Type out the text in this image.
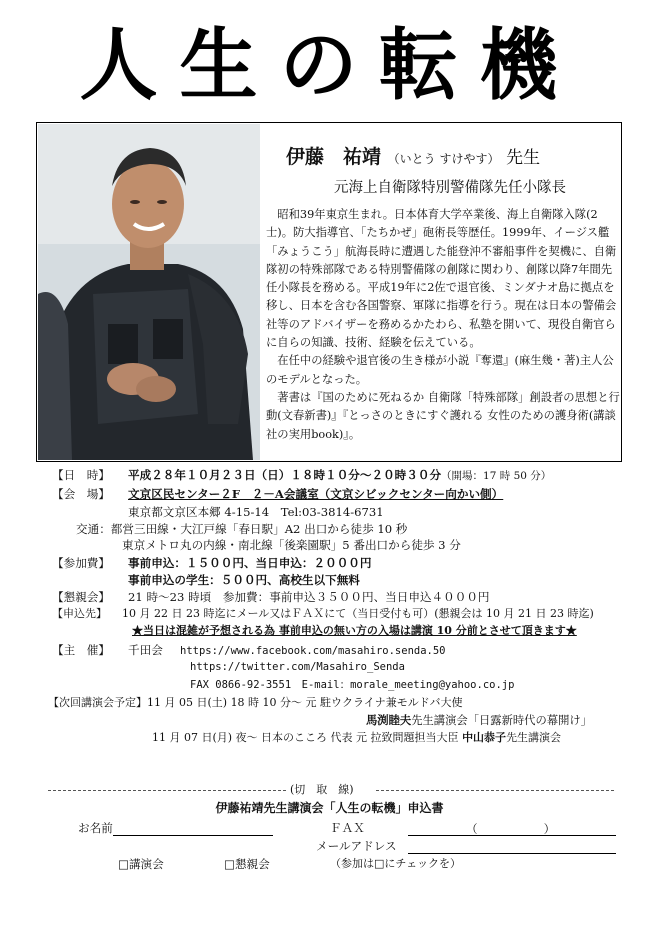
人生の転機
伊藤　祐靖 （いとう すけやす） 先生
元海上自衛隊特別警備隊先任小隊長

昭和39年東京生まれ。日本体育大学卒業後、海上自衛隊入隊(2士)。防大指導官、「たちかぜ」砲術長等歴任。1999年、イージス艦「みょうこう」航海長時に遭遇した能登沖不審船事件を契機に、自衛隊初の特殊部隊である特別警備隊の創隊に関わり、創隊以降7年間先任小隊長を務める。平成19年に2佐で退官後、ミンダナオ島に拠点を移し、日本を含む各国警察、軍隊に指導を行う。現在は日本の警備会社等のアドバイザーを務めるかたわら、私塾を開いて、現役自衛官らに自らの知識、技術、経験を伝えている。

在任中の経験や退官後の生き様が小説『奪還』(麻生幾・著)主人公のモデルとなった。

著書は『国のために死ねるか 自衛隊「特殊部隊」創設者の思想と行動(文春新書)』『とっさのときにすぐ護れる 女性のための護身術(講談社の実用book)』。

【日　時】 平成２８年１０月２３日（日）１８時１０分～２０時３０分（開場：17 時 50 分）
【会　場】 文京区民センター２F　２－A会議室（文京シビックセンター向かい側）
東京都文京区本郷 4-15-14　Tel:03-3814-6731
交通：都営三田線・大江戸線「春日駅」A2 出口から徒歩 10 秒
東京メトロ丸の内線・南北線「後楽園駅」5 番出口から徒歩 3 分
【参加費】 事前申込：１５００円、当日申込：２０００円
事前申込の学生：５００円、高校生以下無料
【懇親会】 21 時～23 時頃　参加費：事前申込３５００円、当日申込４０００円
【申込先】 10 月 22 日 23 時迄にメール又はＦＡＸにて（当日受付も可）(懇親会は 10 月 21 日 23 時迄)
★当日は混雑が予想される為 事前申込の無い方の入場は講演 10 分前とさせて頂きます★
【主　催】 千田会 https://www.facebook.com/masahiro.senda.50
https://twitter.com/Masahiro_Senda
FAX 0866-92-3551　E-mail：morale_meeting@yahoo.co.jp
【次回講演会予定】11 月 05 日(土) 18 時 10 分～ 元 駐ウクライナ兼モルドバ大使
馬渕睦夫先生講演会「日露新時代の幕開け」
11 月 07 日(月) 夜～ 日本のこころ 代表 元 拉致問題担当大臣 中山恭子先生講演会
(切　取　線)
伊藤祐靖先生講演会「人生の転機」申込書
お名前	ＦＡＸ	（	）
メールアドレス
□講演会	□懇親会	（参加は□にチェックを）
